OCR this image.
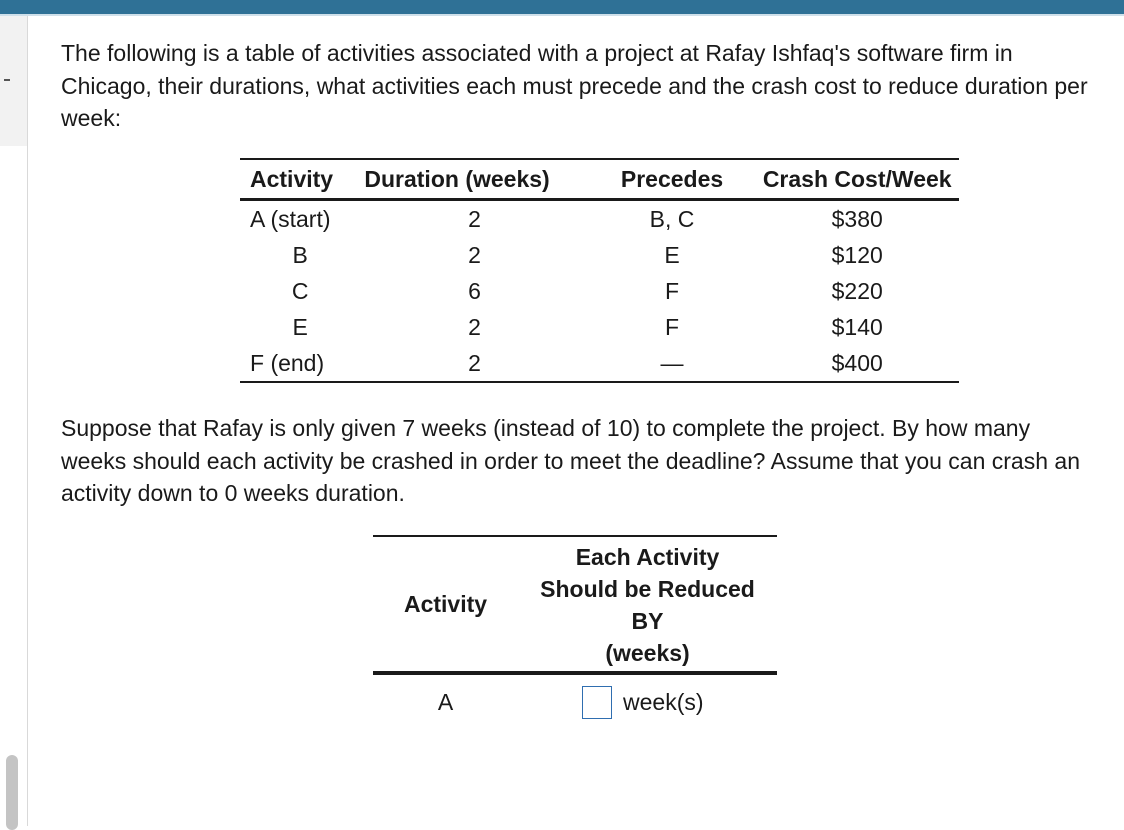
The following is a table of activities associated with a project at Rafay Ishfaq's software firm in Chicago, their durations, what activities each must precede and the crash cost to reduce duration per week:

Activity	Duration (weeks)	Precedes	Crash Cost/Week
A (start)	2	B, C	$380
B	2	E	$120
C	6	F	$220
E	2	F	$140
F (end)	2	—	$400

Suppose that Rafay is only given 7 weeks (instead of 10) to complete the project. By how many weeks should each activity be crashed in order to meet the deadline? Assume that you can crash an activity down to 0 weeks duration.

Activity	Each Activity
Should be Reduced
BY
(weeks)

A	week(s)
